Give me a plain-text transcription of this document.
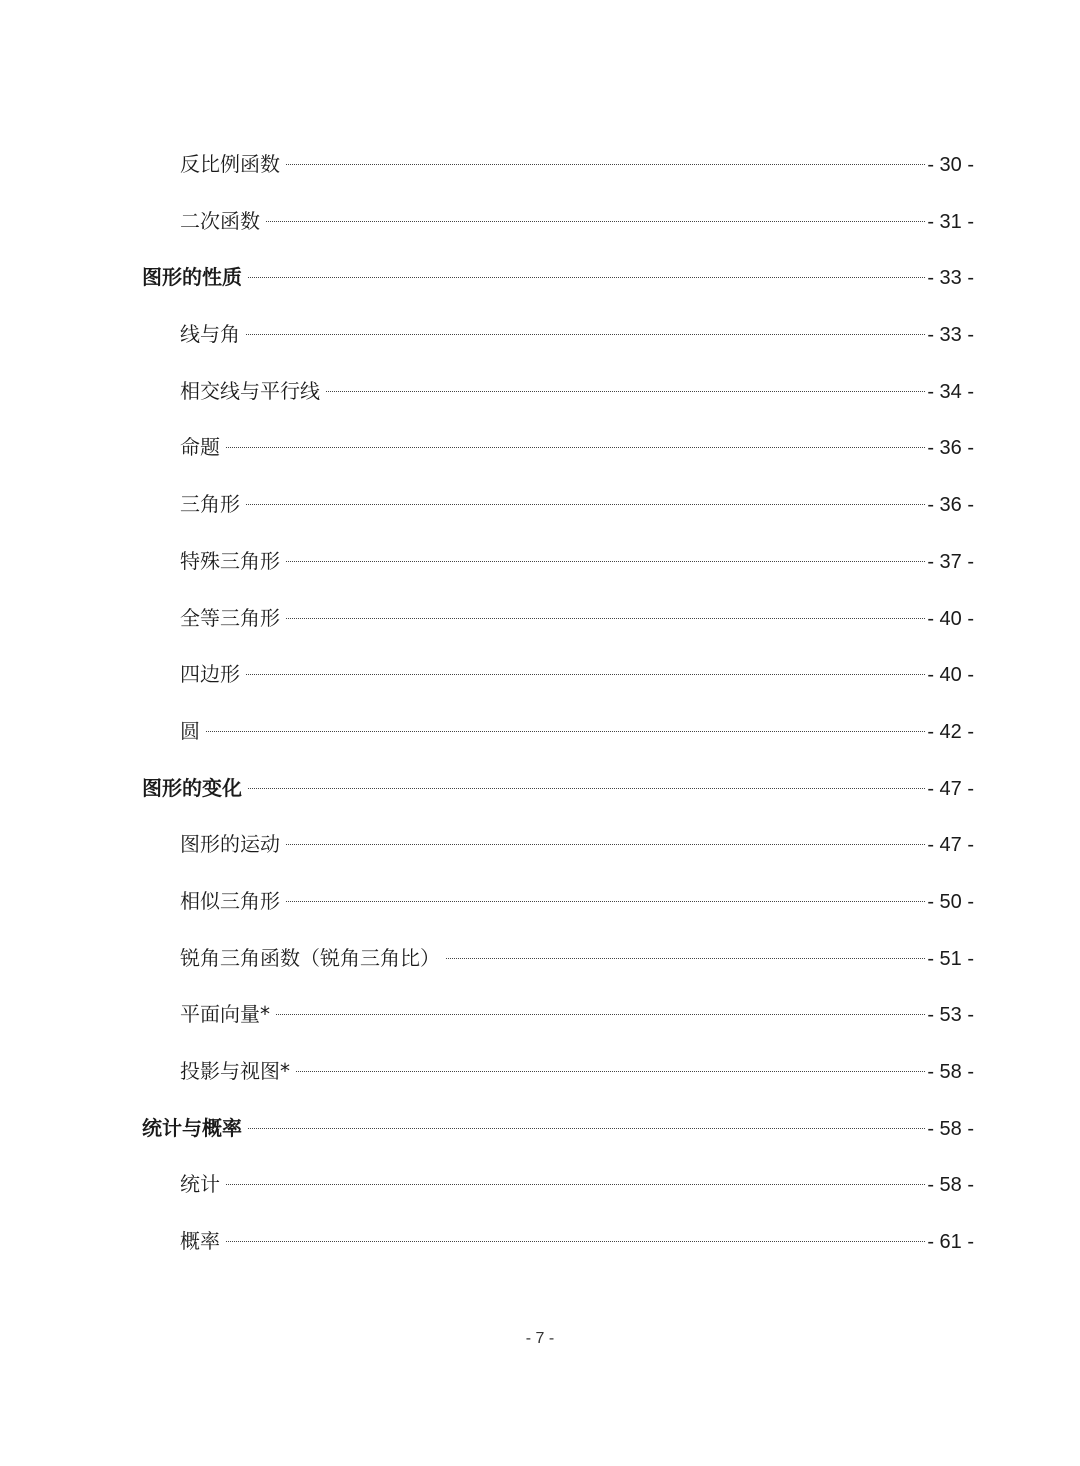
反比例函数	- 30 -
二次函数	- 31 -
图形的性质	- 33 -
线与角	- 33 -
相交线与平行线	- 34 -
命题	- 36 -
三角形	- 36 -
特殊三角形	- 37 -
全等三角形	- 40 -
四边形	- 40 -
圆	- 42 -
图形的变化	- 47 -
图形的运动	- 47 -
相似三角形	- 50 -
锐角三角函数（锐角三角比）	- 51 -
平面向量*	- 53 -
投影与视图*	- 58 -
统计与概率	- 58 -
统计	- 58 -
概率	- 61 -
- 7 -
